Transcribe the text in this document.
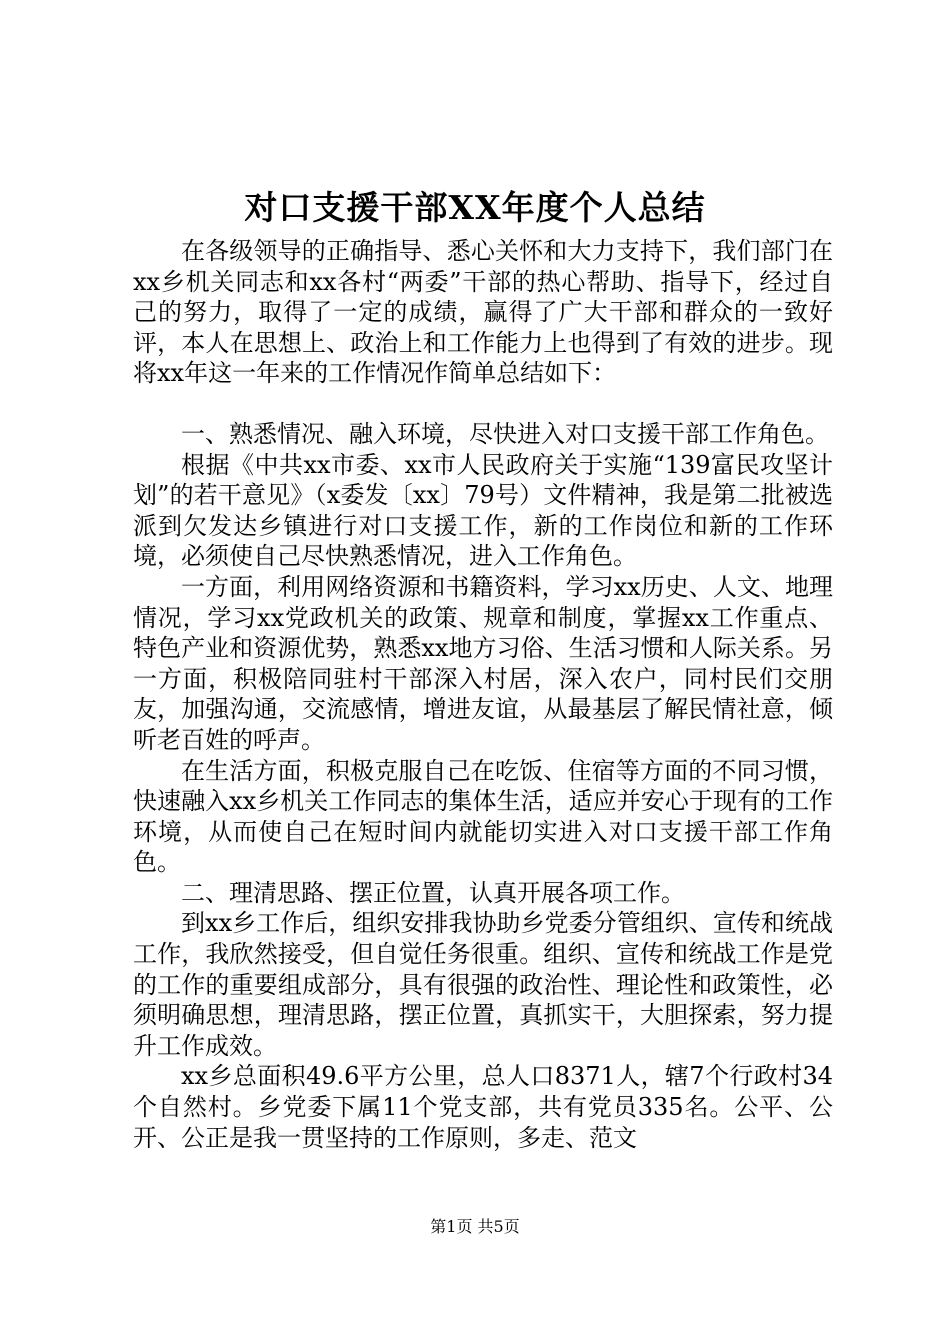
对口支援干部XX年度个人总结

在各级领导的正确指导、悉心关怀和大力支持下，我们部门在xx乡机关同志和xx各村“两委”干部的热心帮助、指导下，经过自己的努力，取得了一定的成绩，赢得了广大干部和群众的一致好评，本人在思想上、政治上和工作能力上也得到了有效的进步。现将xx年这一年来的工作情况作简单总结如下：

一、熟悉情况、融入环境，尽快进入对口支援干部工作角色。

根据《中共xx市委、xx市人民政府关于实施“139富民攻坚计划”的若干意见》（x委发〔xx〕79号）文件精神，我是第二批被选派到欠发达乡镇进行对口支援工作，新的工作岗位和新的工作环境，必须使自己尽快熟悉情况，进入工作角色。

一方面，利用网络资源和书籍资料，学习xx历史、人文、地理情况，学习xx党政机关的政策、规章和制度，掌握xx工作重点、特色产业和资源优势，熟悉xx地方习俗、生活习惯和人际关系。另一方面，积极陪同驻村干部深入村居，深入农户，同村民们交朋友，加强沟通，交流感情，增进友谊，从最基层了解民情社意，倾听老百姓的呼声。

在生活方面，积极克服自己在吃饭、住宿等方面的不同习惯，快速融入xx乡机关工作同志的集体生活，适应并安心于现有的工作环境，从而使自己在短时间内就能切实进入对口支援干部工作角色。

二、理清思路、摆正位置，认真开展各项工作。

到xx乡工作后，组织安排我协助乡党委分管组织、宣传和统战工作，我欣然接受，但自觉任务很重。组织、宣传和统战工作是党的工作的重要组成部分，具有很强的政治性、理论性和政策性，必须明确思想，理清思路，摆正位置，真抓实干，大胆探索，努力提升工作成效。

xx乡总面积49.6平方公里，总人口8371人，辖7个行政村34个自然村。乡党委下属11个党支部，共有党员335名。公平、公开、公正是我一贯坚持的工作原则，多走、范文

第1页 共5页
